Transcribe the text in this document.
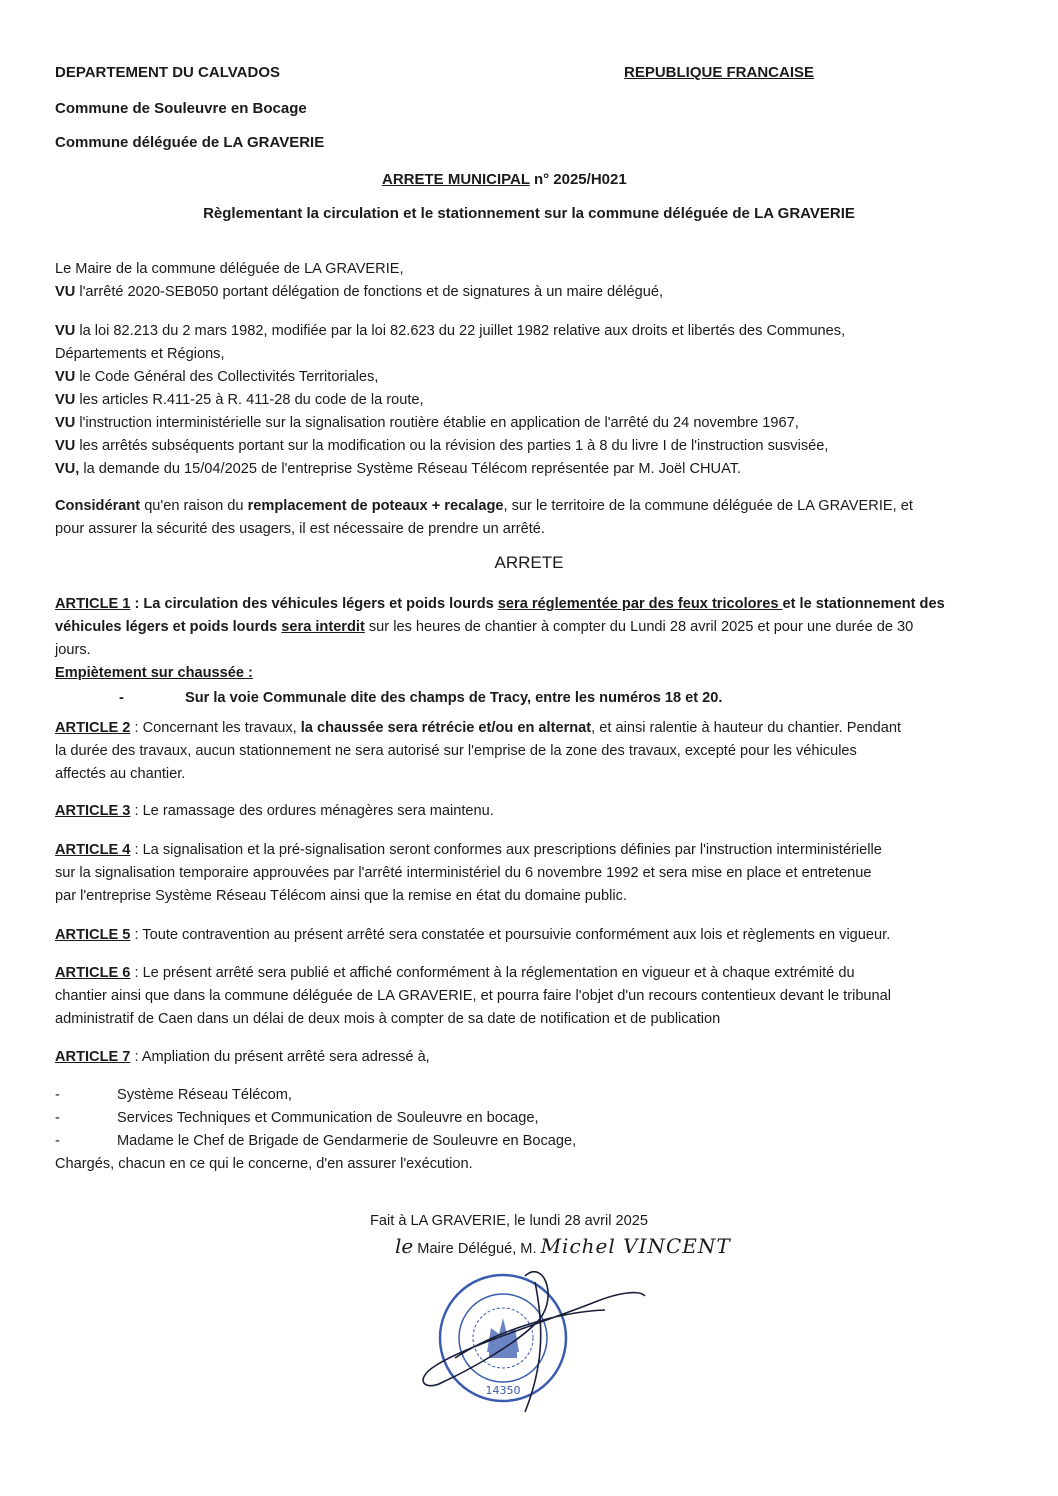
DEPARTEMENT DU CALVADOS	REPUBLIQUE FRANCAISE
Commune de Souleuvre en Bocage
Commune déléguée de LA GRAVERIE
ARRETE MUNICIPAL n° 2025/H021
Règlementant la circulation et le stationnement sur la commune déléguée de LA GRAVERIE
Le Maire de la commune déléguée de LA GRAVERIE,
VU l'arrêté 2020-SEB050 portant délégation de fonctions et de signatures à un maire délégué,
VU la loi 82.213 du 2 mars 1982, modifiée par la loi 82.623 du 22 juillet 1982 relative aux droits et libertés des Communes,
Départements et Régions,
VU le Code Général des Collectivités Territoriales,
VU les articles R.411-25 à R. 411-28 du code de la route,
VU l'instruction interministérielle sur la signalisation routière établie en application de l'arrêté du 24 novembre 1967,
VU les arrêtés subséquents portant sur la modification ou la révision des parties 1 à 8 du livre I de l'instruction susvisée,
VU, la demande du 15/04/2025 de l'entreprise Système Réseau Télécom représentée par M. Joël CHUAT.
Considérant qu'en raison du remplacement de poteaux + recalage, sur le territoire de la commune déléguée de LA GRAVERIE, et
pour assurer la sécurité des usagers, il est nécessaire de prendre un arrêté.
ARRETE
ARTICLE 1 : La circulation des véhicules légers et poids lourds sera réglementée par des feux tricolores et le stationnement des
véhicules légers et poids lourds sera interdit sur les heures de chantier à compter du Lundi 28 avril 2025 et pour une durée de 30
jours.
Empiètement sur chaussée :
-	Sur la voie Communale dite des champs de Tracy, entre les numéros 18 et 20.
ARTICLE 2 : Concernant les travaux, la chaussée sera rétrécie et/ou en alternat, et ainsi ralentie à hauteur du chantier. Pendant
la durée des travaux, aucun stationnement ne sera autorisé sur l'emprise de la zone des travaux, excepté pour les véhicules
affectés au chantier.
ARTICLE 3 : Le ramassage des ordures ménagères sera maintenu.
ARTICLE 4 : La signalisation et la pré-signalisation seront conformes aux prescriptions définies par l'instruction interministérielle
sur la signalisation temporaire approuvées par l'arrêté interministériel du 6 novembre 1992 et sera mise en place et entretenue
par l'entreprise Système Réseau Télécom ainsi que la remise en état du domaine public.
ARTICLE 5 : Toute contravention au présent arrêté sera constatée et poursuivie conformément aux lois et règlements en vigueur.
ARTICLE 6 : Le présent arrêté sera publié et affiché conformément à la réglementation en vigueur et à chaque extrémité du
chantier ainsi que dans la commune déléguée de LA GRAVERIE, et pourra faire l'objet d'un recours contentieux devant le tribunal
administratif de Caen dans un délai de deux mois à compter de sa date de notification et de publication
ARTICLE 7 : Ampliation du présent arrêté sera adressé à,
-	Système Réseau Télécom,
-	Services Techniques et Communication de Souleuvre en bocage,
-	Madame le Chef de Brigade de Gendarmerie de Souleuvre en Bocage,
Chargés, chacun en ce qui le concerne, d'en assurer l'exécution.
Fait à LA GRAVERIE, le lundi 28 avril 2025
le Maire Délégué, M. Michel VINCENT
14350
